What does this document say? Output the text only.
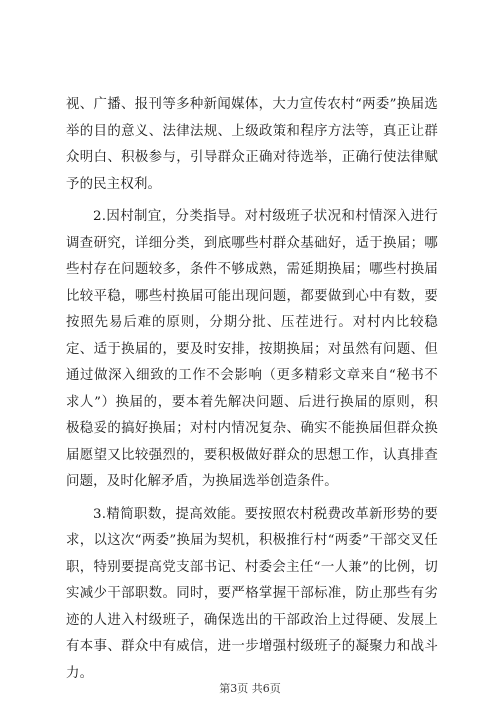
视、广播、报刊等多种新闻媒体，大力宣传农村“两委”换届选举的目的意义、法律法规、上级政策和程序方法等，真正让群众明白、积极参与，引导群众正确对待选举，正确行使法律赋予的民主权利。

2.因村制宜，分类指导。对村级班子状况和村情深入进行调查研究，详细分类，到底哪些村群众基础好，适于换届；哪些村存在问题较多，条件不够成熟，需延期换届；哪些村换届比较平稳，哪些村换届可能出现问题，都要做到心中有数，要按照先易后难的原则，分期分批、压茬进行。对村内比较稳定、适于换届的，要及时安排，按期换届；对虽然有问题、但通过做深入细致的工作不会影响（更多精彩文章来自“秘书不求人”）换届的，要本着先解决问题、后进行换届的原则，积极稳妥的搞好换届；对村内情况复杂、确实不能换届但群众换届愿望又比较强烈的，要积极做好群众的思想工作，认真排查问题，及时化解矛盾，为换届选举创造条件。

3.精简职数，提高效能。要按照农村税费改革新形势的要求，以这次“两委”换届为契机，积极推行村“两委”干部交叉任职，特别要提高党支部书记、村委会主任“一人兼”的比例，切实减少干部职数。同时，要严格掌握干部标准，防止那些有劣迹的人进入村级班子，确保选出的干部政治上过得硬、发展上有本事、群众中有威信，进一步增强村级班子的凝聚力和战斗力。

第3页 共6页
